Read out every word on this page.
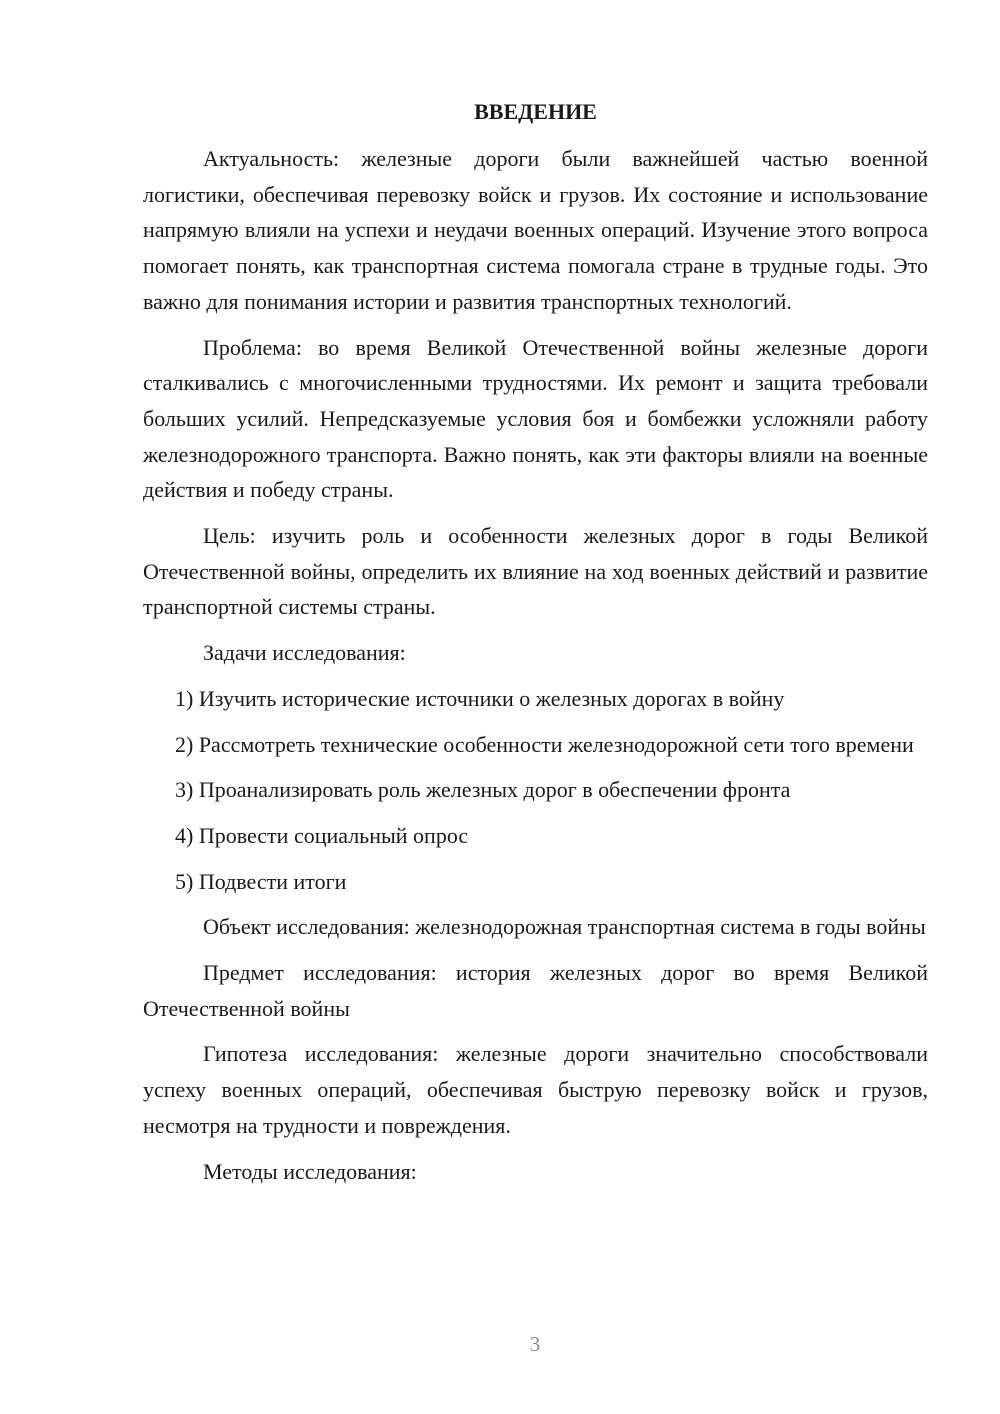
ВВЕДЕНИЕ

Актуальность: железные дороги были важнейшей частью военной логистики, обеспечивая перевозку войск и грузов. Их состояние и использование напрямую влияли на успехи и неудачи военных операций. Изучение этого вопроса помогает понять, как транспортная система помогала стране в трудные годы. Это важно для понимания истории и развития транспортных технологий.

Проблема: во время Великой Отечественной войны железные дороги сталкивались с многочисленными трудностями. Их ремонт и защита требовали больших усилий. Непредсказуемые условия боя и бомбежки усложняли работу железнодорожного транспорта. Важно понять, как эти факторы влияли на военные действия и победу страны.

Цель: изучить роль и особенности железных дорог в годы Великой Отечественной войны, определить их влияние на ход военных действий и развитие транспортной системы страны.

Задачи исследования:

1) Изучить исторические источники о железных дорогах в войну

2) Рассмотреть технические особенности железнодорожной сети того времени

3) Проанализировать роль железных дорог в обеспечении фронта

4) Провести социальный опрос

5) Подвести итоги

Объект исследования: железнодорожная транспортная система в годы войны

Предмет исследования: история железных дорог во время Великой Отечественной войны

Гипотеза исследования: железные дороги значительно способствовали успеху военных операций, обеспечивая быструю перевозку войск и грузов, несмотря на трудности и повреждения.

Методы исследования:

3
